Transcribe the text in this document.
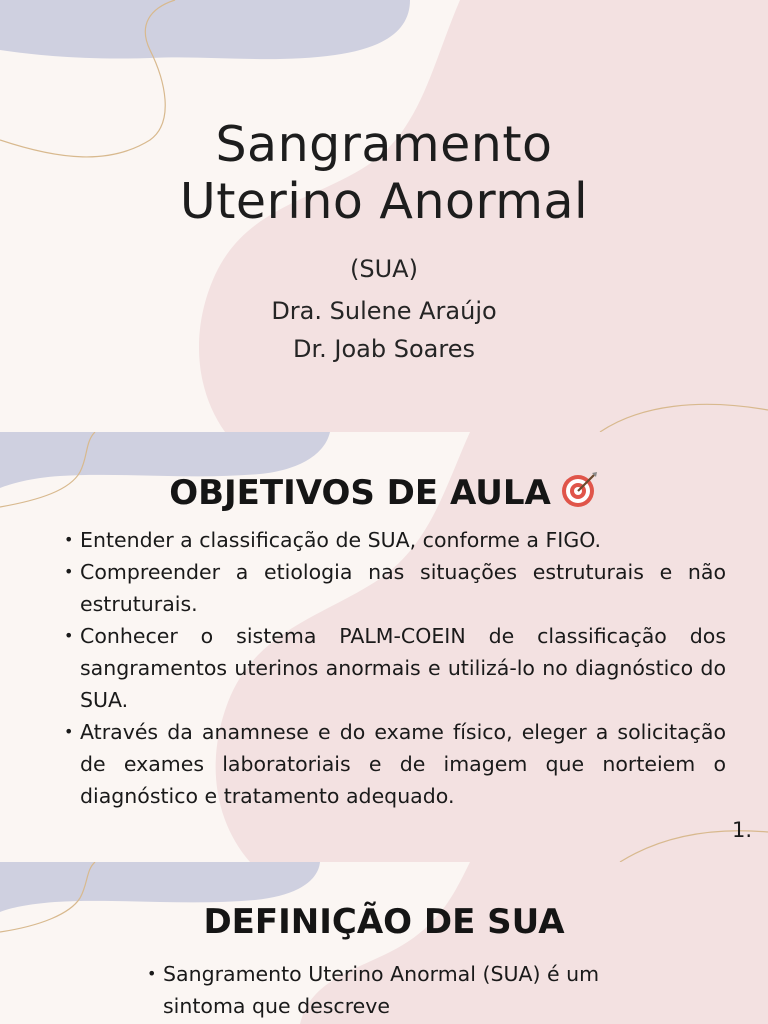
Sangramento
Uterino Anormal
(SUA)
Dra. Sulene Araújo
Dr. Joab Soares
OBJETIVOS DE AULA
• Entender a classificação de SUA, conforme a FIGO.
• Compreender a etiologia nas situações estruturais e não estruturais.
• Conhecer o sistema PALM-COEIN de classificação dos sangramentos uterinos anormais e utilizá-lo no diagnóstico do SUA.
• Através da anamnese e do exame físico, eleger a solicitação de exames laboratoriais e de imagem que norteiem o diagnóstico e tratamento adequado.
1.
DEFINIÇÃO DE SUA
• Sangramento Uterino Anormal (SUA) é um sintoma que descreve
